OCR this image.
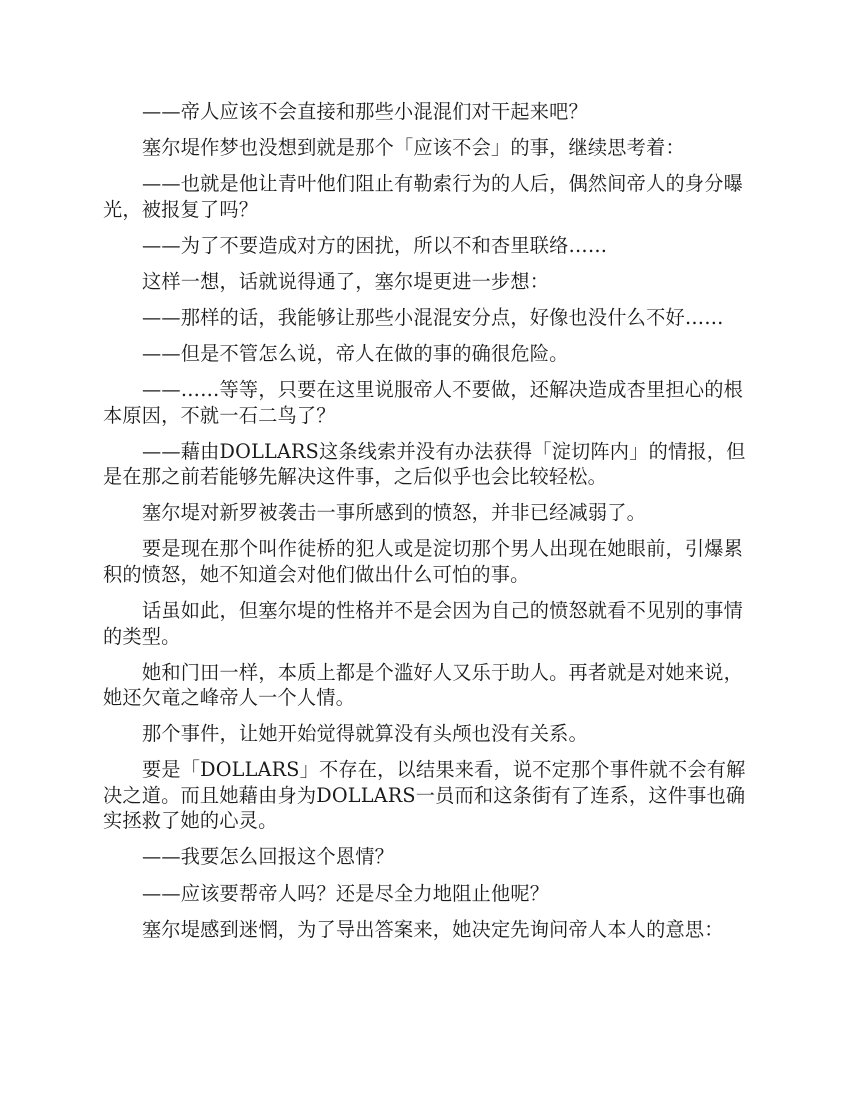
——帝人应该不会直接和那些小混混们对干起来吧？

塞尔堤作梦也没想到就是那个「应该不会」的事，继续思考着：

——也就是他让青叶他们阻止有勒索行为的人后，偶然间帝人的身分曝光，被报复了吗？

——为了不要造成对方的困扰，所以不和杏里联络……

这样一想，话就说得通了，塞尔堤更进一步想：

——那样的话，我能够让那些小混混安分点，好像也没什么不好……

——但是不管怎么说，帝人在做的事的确很危险。

——……等等，只要在这里说服帝人不要做，还解决造成杏里担心的根本原因，不就一石二鸟了？

——藉由DOLLARS这条线索并没有办法获得「淀切阵内」的情报，但是在那之前若能够先解决这件事，之后似乎也会比较轻松。

塞尔堤对新罗被袭击一事所感到的愤怒，并非已经减弱了。

要是现在那个叫作徒桥的犯人或是淀切那个男人出现在她眼前，引爆累积的愤怒，她不知道会对他们做出什么可怕的事。

话虽如此，但塞尔堤的性格并不是会因为自己的愤怒就看不见别的事情的类型。

她和门田一样，本质上都是个滥好人又乐于助人。再者就是对她来说，她还欠竜之峰帝人一个人情。

那个事件，让她开始觉得就算没有头颅也没有关系。

要是「DOLLARS」不存在，以结果来看，说不定那个事件就不会有解决之道。而且她藉由身为DOLLARS一员而和这条街有了连系，这件事也确实拯救了她的心灵。

——我要怎么回报这个恩情？

——应该要帮帝人吗？还是尽全力地阻止他呢？

塞尔堤感到迷惘，为了导出答案来，她决定先询问帝人本人的意思：
